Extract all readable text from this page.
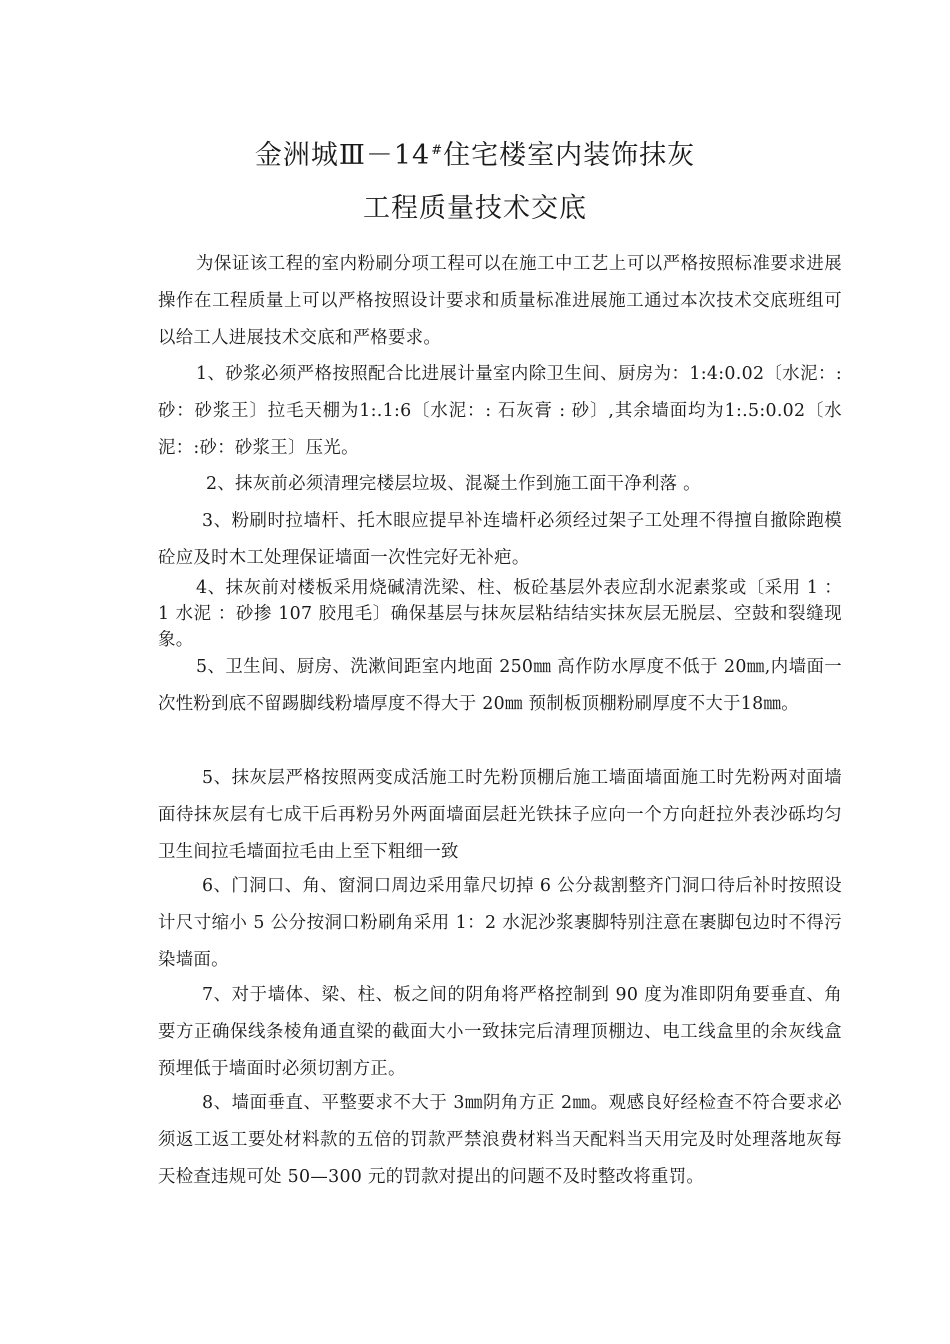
金洲城Ⅲ－14#住宅楼室内装饰抹灰
工程质量技术交底
为保证该工程的室内粉刷分项工程可以在施工中工艺上可以严格按照标准要求进展操作在工程质量上可以严格按照设计要求和质量标准进展施工通过本次技术交底班组可以给工人进展技术交底和严格要求。
1、砂浆必须严格按照配合比进展计量室内除卫生间、厨房为：1:4:0.02〔水泥：:砂：砂浆王〕拉毛天棚为1:.1:6〔水泥：: 石灰膏 : 砂〕,其余墙面均为1:.5:0.02〔水泥：:砂：砂浆王〕压光。
2、抹灰前必须清理完楼层垃圾、混凝土作到施工面干净利落 。
3、粉刷时拉墙杆、托木眼应提早补连墙杆必须经过架子工处理不得擅自撤除跑模砼应及时木工处理保证墙面一次性完好无补疤。
4、抹灰前对楼板采用烧碱清洗梁、柱、板砼基层外表应刮水泥素浆或〔采用 1 ：1 水泥 ：砂掺 107 胶甩毛〕确保基层与抹灰层粘结结实抹灰层无脱层、空鼓和裂缝现象。
5、卫生间、厨房、洗漱间距室内地面 250㎜ 高作防水厚度不低于 20㎜,内墙面一次性粉到底不留踢脚线粉墙厚度不得大于 20㎜ 预制板顶棚粉刷厚度不大于18㎜。
5、抹灰层严格按照两变成活施工时先粉顶棚后施工墙面墙面施工时先粉两对面墙面待抹灰层有七成干后再粉另外两面墙面层赶光铁抹子应向一个方向赶拉外表沙砾均匀卫生间拉毛墙面拉毛由上至下粗细一致
6、门洞口、角、窗洞口周边采用靠尺切掉 6 公分裁割整齐门洞口待后补时按照设计尺寸缩小 5 公分按洞口粉刷角采用 1：2 水泥沙浆裹脚特别注意在裹脚包边时不得污染墙面。
7、对于墙体、梁、柱、板之间的阴角将严格控制到 90 度为准即阴角要垂直、角要方正确保线条棱角通直梁的截面大小一致抹完后清理顶棚边、电工线盒里的余灰线盒预埋低于墙面时必须切割方正。
8、墙面垂直、平整要求不大于 3㎜阴角方正 2㎜。观感良好经检查不符合要求必须返工返工要处材料款的五倍的罚款严禁浪费材料当天配料当天用完及时处理落地灰每天检查违规可处 50—300 元的罚款对提出的问题不及时整改将重罚。
